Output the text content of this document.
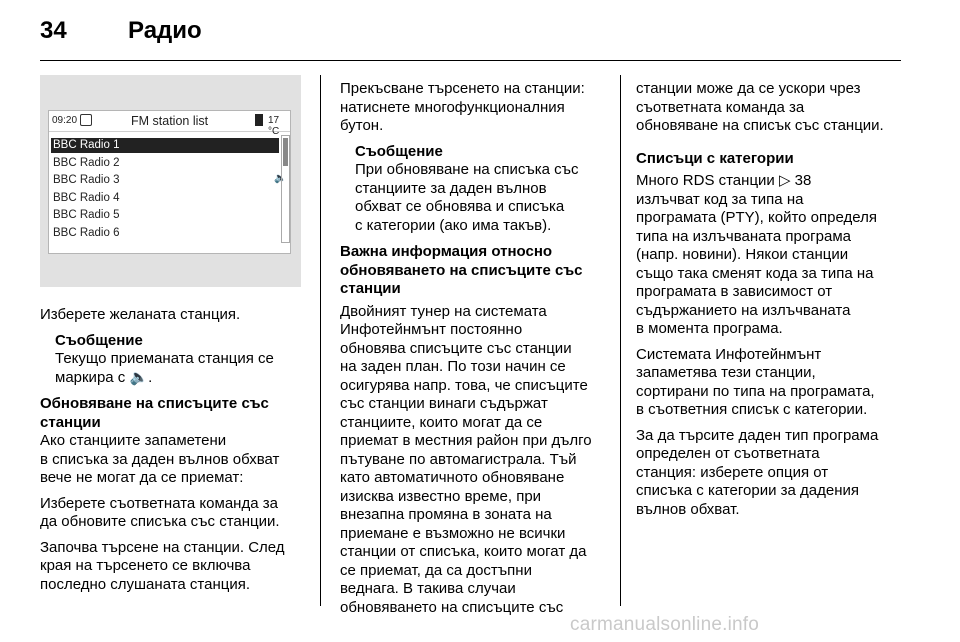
34	Радио
09:20	FM station list	17 °C
BBC Radio 1
BBC Radio 2
BBC Radio 3	🔈
BBC Radio 4
BBC Radio 5
BBC Radio 6

Изберете желаната станция.

Съобщение
Текущо приеманата станция се
маркира с 🔈.
Обновяване на списъците със
станции

Ако станциите запаметени
в списъка за даден вълнов обхват
вече не могат да се приемат:

Изберете съответната команда за
да обновите списъка със станции.

Започва търсене на станции. След
края на търсенето се включва
последно слушаната станция.

Прекъсване търсенето на станции:
натиснете многофункционалния
бутон.

Съобщение
При обновяване на списъка със
станциите за даден вълнов
обхват се обновява и списъка
с категории (ако има такъв).
Важна информация относно
обновяването на списъците със
станции
Двойният тунер на системата
Инфотейнмънт постоянно
обновява списъците със станции
на заден план. По този начин се
осигурява напр. това, че списъците
със станции винаги съдържат
станциите, които могат да се
приемат в местния район при дълго
пътуване по автомагистрала. Тъй
като автоматичното обновяване
изисква известно време, при
внезапна промяна в зоната на
приемане е възможно не всички
станции от списъка, които могат да
се приемат, да са достъпни
веднага. В такива случаи
обновяването на списъците със

станции може да се ускори чрез
съответната команда за
обновяване на списък със станции.

Списъци с категории

Много RDS станции ▷ 38
излъчват код за типа на
програмата (PTY), който определя
типа на излъчваната програма
(напр. новини). Някои станции
също така сменят кода за типа на
програмата в зависимост от
съдържанието на излъчваната
в момента програма.

Системата Инфотейнмънт
запаметява тези станции,
сортирани по типа на програмата,
в съответния списък с категории.

За да търсите даден тип програма
определен от съответната
станция: изберете опция от
списъка с категории за дадения
вълнов обхват.

carmanualsonline.info
